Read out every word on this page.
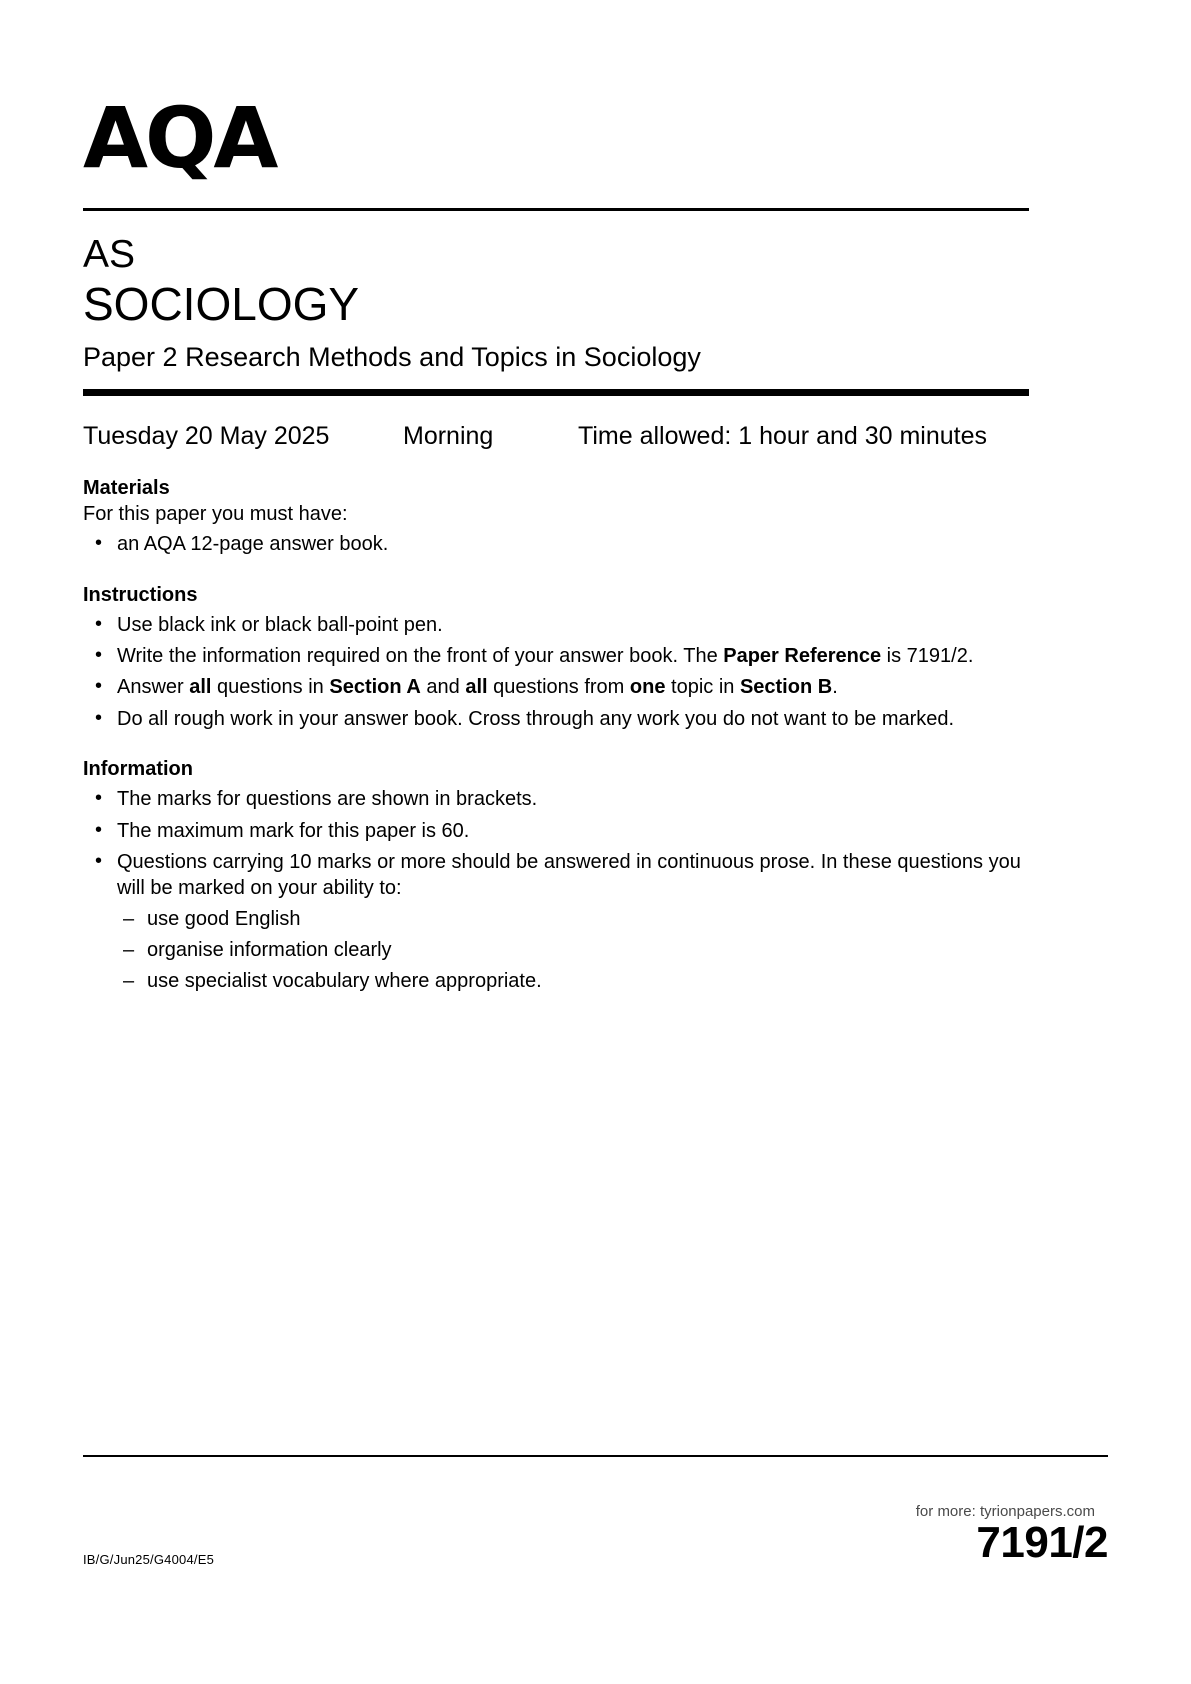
AQA
AS
SOCIOLOGY
Paper 2 Research Methods and Topics in Sociology
Tuesday 20 May 2025	Morning	Time allowed: 1 hour and 30 minutes
Materials

For this paper you must have:

• an AQA 12-page answer book.
Instructions
• Use black ink or black ball-point pen.
• Write the information required on the front of your answer book. The Paper Reference is 7191/2.
• Answer all questions in Section A and all questions from one topic in Section B.
• Do all rough work in your answer book. Cross through any work you do not want to be marked.
Information
• The marks for questions are shown in brackets.
• The maximum mark for this paper is 60.
• Questions carrying 10 marks or more should be answered in continuous prose. In these questions you will be marked on your ability to:
– use good English
– organise information clearly
– use specialist vocabulary where appropriate.
for more: tyrionpapers.com
IB/G/Jun25/G4004/E5	7191/2
